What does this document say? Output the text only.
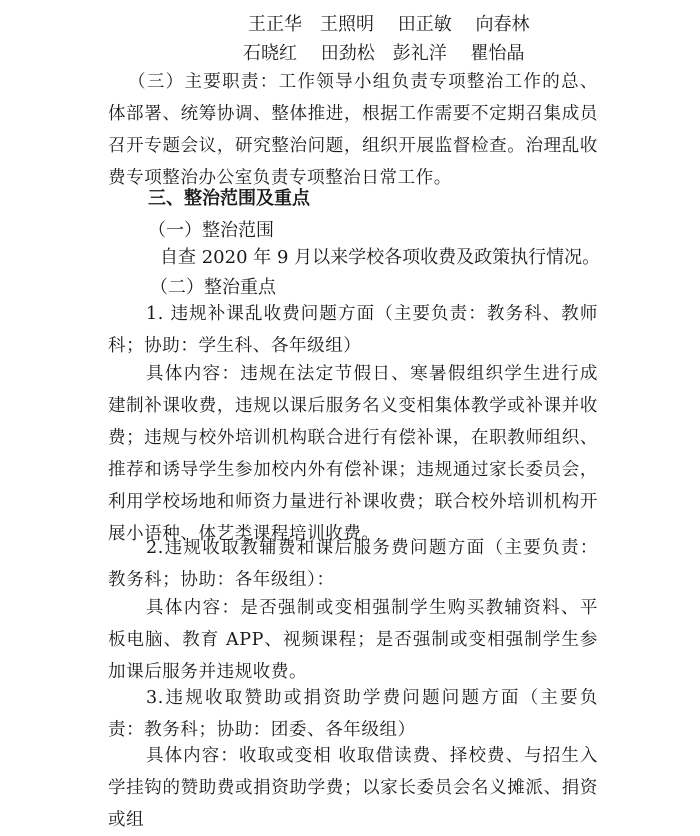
王正华　王照明　 田正敏　 向春林
石晓红　 田劲松　彭礼洋　 瞿怡晶

（三）主要职责：工作领导小组负责专项整治工作的总、体部署、统筹协调、整体推进，根据工作需要不定期召集成员召开专题会议，研究整治问题，组织开展监督检查。治理乱收费专项整治办公室负责专项整治日常工作。

三、整治范围及重点
（一）整治范围
自查 2020 年 9 月以来学校各项收费及政策执行情况。
（二）整治重点

1. 违规补课乱收费问题方面（主要负责：教务科、教师科；协助：学生科、各年级组）

具体内容：违规在法定节假日、寒暑假组织学生进行成建制补课收费，违规以课后服务名义变相集体教学或补课并收费；违规与校外培训机构联合进行有偿补课，在职教师组织、推荐和诱导学生参加校内外有偿补课；违规通过家长委员会，利用学校场地和师资力量进行补课收费；联合校外培训机构开展小语种、体艺类课程培训收费。

2.违规收取教辅费和课后服务费问题方面（主要负责：教务科；协助：各年级组）：

具体内容：是否强制或变相强制学生购买教辅资料、平板电脑、教育 APP、视频课程；是否强制或变相强制学生参加课后服务并违规收费。

3.违规收取赞助或捐资助学费问题问题方面（主要负责：教务科；协助：团委、各年级组）

具体内容：收取或变相 收取借读费、择校费、与招生入学挂钩的赞助费或捐资助学费；以家长委员会名义摊派、捐资或组
